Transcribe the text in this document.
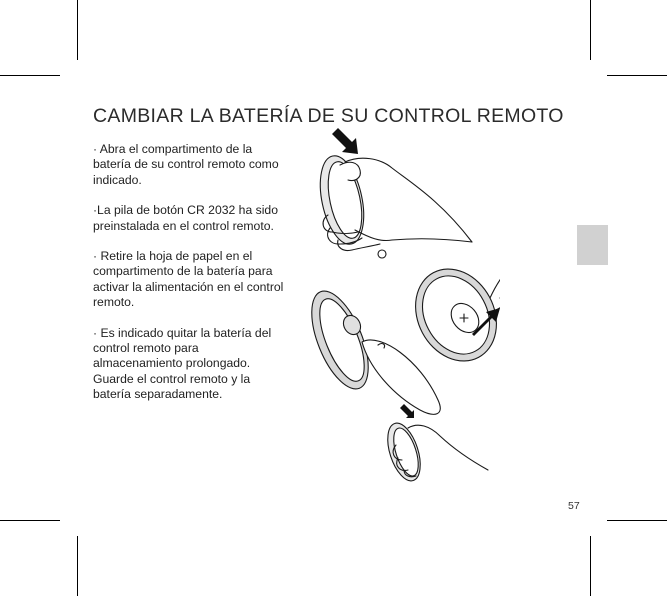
CAMBIAR LA BATERÍA DE SU CONTROL REMOTO

· Abra el compartimento de la batería de su control remoto como indicado.

·La pila de botón CR 2032 ha sido preinstalada en el control remoto.

· Retire la hoja de papel en el compartimento de la batería para activar la alimentación en el control remoto.

· Es indicado quitar la batería del control remoto para almacenamiento prolongado. Guarde el control remoto y la batería separadamente.

57
